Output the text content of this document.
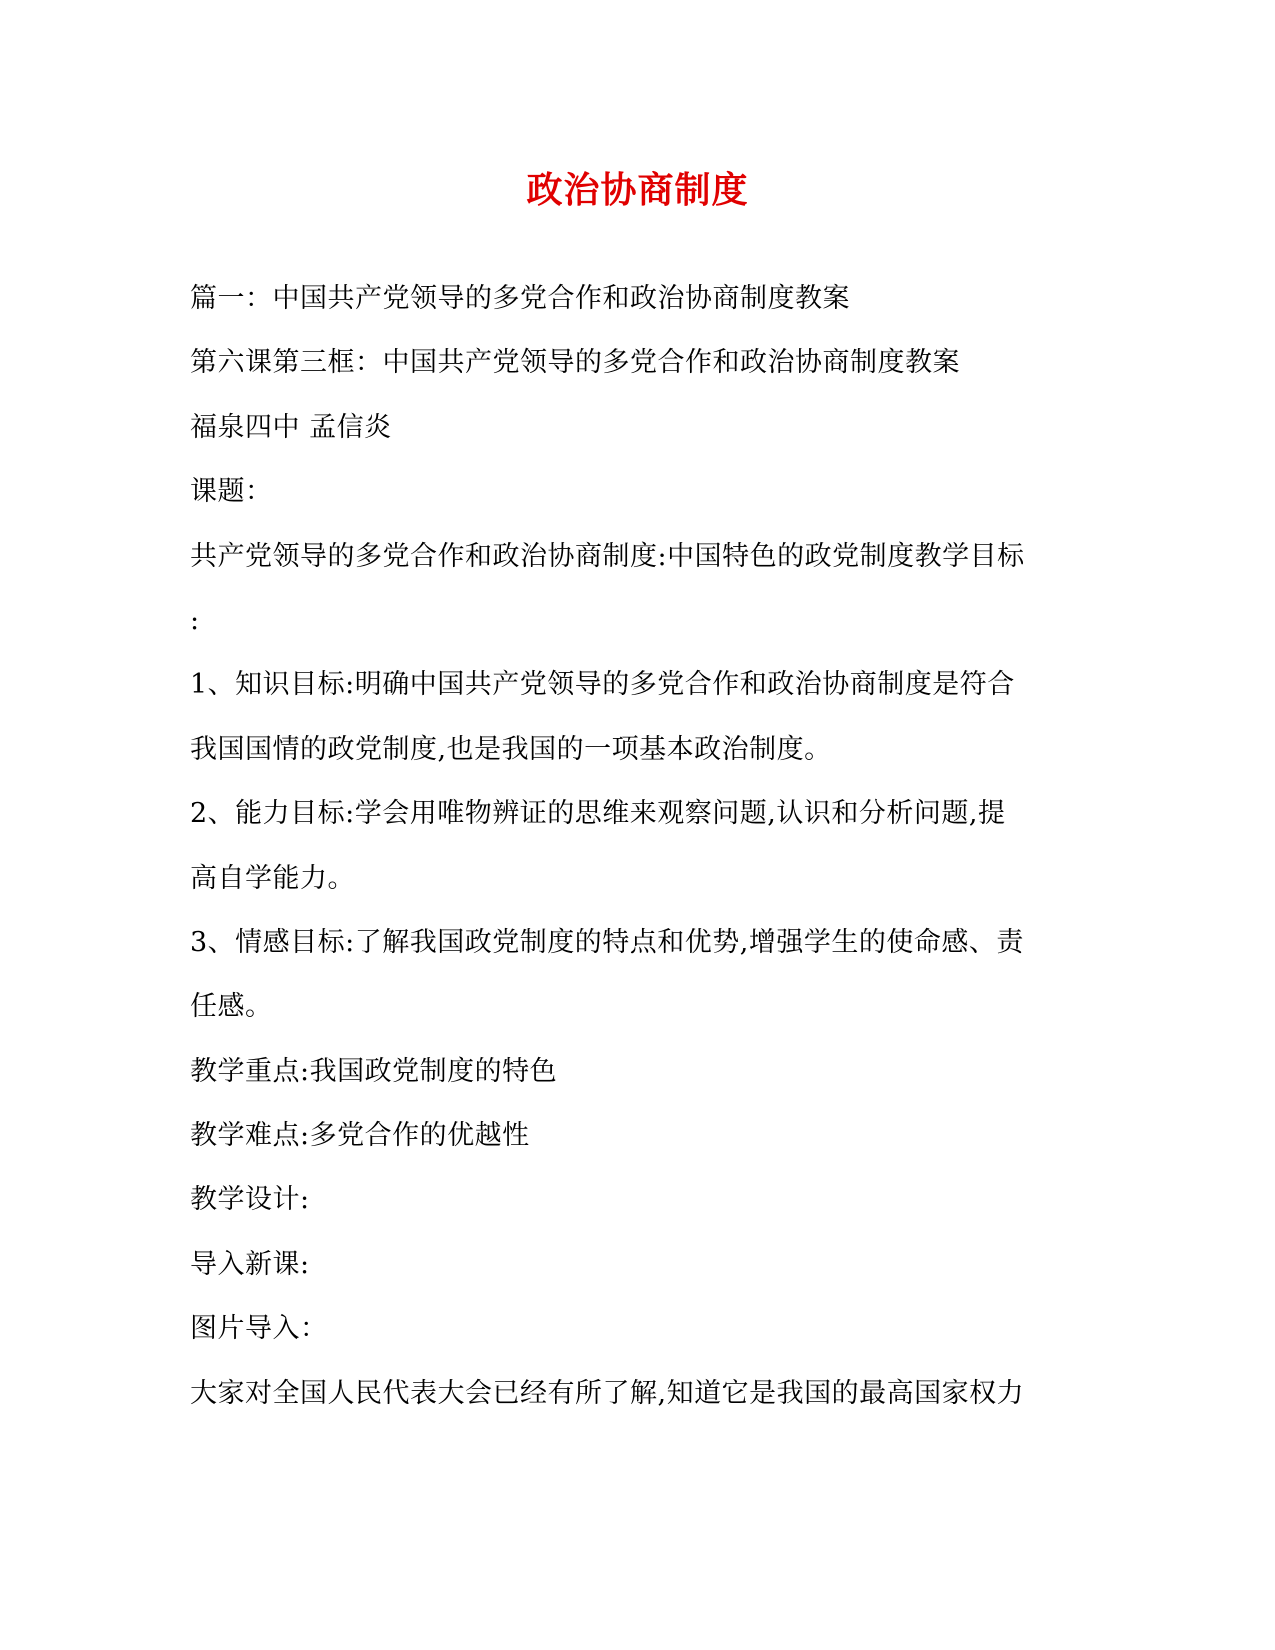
政治协商制度
篇一：中国共产党领导的多党合作和政治协商制度教案
第六课第三框：中国共产党领导的多党合作和政治协商制度教案
福泉四中 孟信炎
课题：
共产党领导的多党合作和政治协商制度:中国特色的政党制度教学目标
:
1、知识目标:明确中国共产党领导的多党合作和政治协商制度是符合
我国国情的政党制度,也是我国的一项基本政治制度。
2、能力目标:学会用唯物辨证的思维来观察问题,认识和分析问题,提
高自学能力。
3、情感目标:了解我国政党制度的特点和优势,增强学生的使命感、责
任感。
教学重点:我国政党制度的特色
教学难点:多党合作的优越性
教学设计:
导入新课:
图片导入：
大家对全国人民代表大会已经有所了解,知道它是我国的最高国家权力
